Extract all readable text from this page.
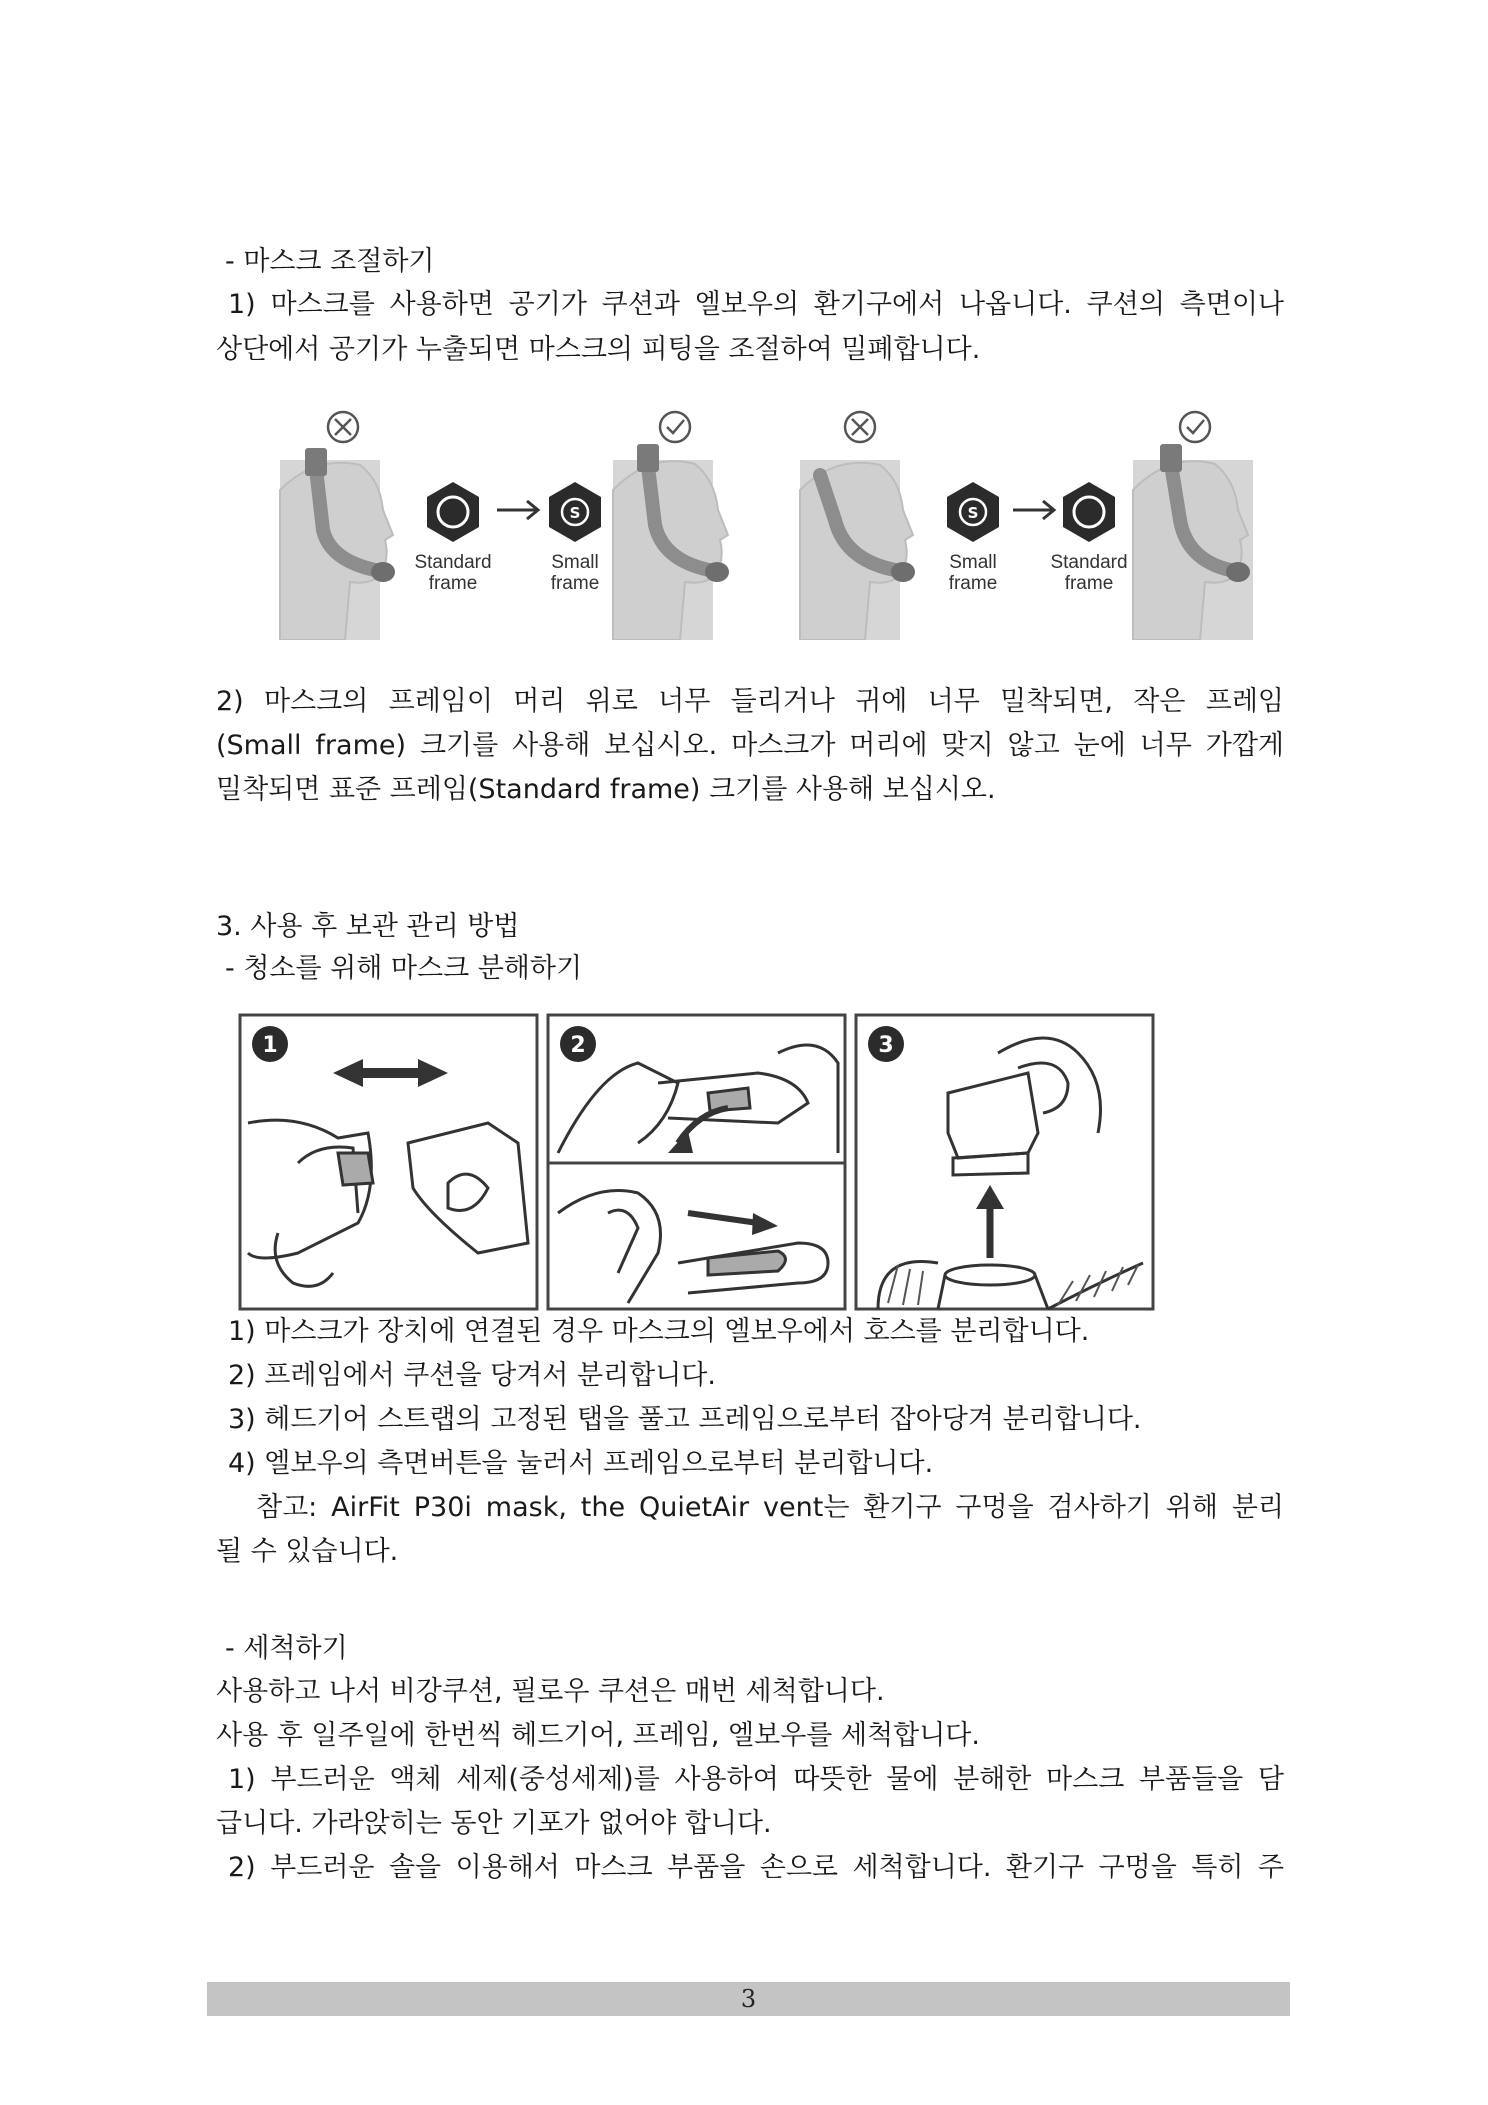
- 마스크 조절하기
1) 마스크를 사용하면 공기가 쿠션과 엘보우의 환기구에서 나옵니다. 쿠션의 측면이나
상단에서 공기가 누출되면 마스크의 피팅을 조절하여 밀폐합니다.
S
Standard
frame
Small
frame
S
Small
frame
Standard
frame
2) 마스크의 프레임이 머리 위로 너무 들리거나 귀에 너무 밀착되면, 작은 프레임
(Small frame) 크기를 사용해 보십시오. 마스크가 머리에 맞지 않고 눈에 너무 가깝게
밀착되면 표준 프레임(Standard frame) 크기를 사용해 보십시오.
3. 사용 후 보관 관리 방법
- 청소를 위해 마스크 분해하기
1	2	3
1) 마스크가 장치에 연결된 경우 마스크의 엘보우에서 호스를 분리합니다.
2) 프레임에서 쿠션을 당겨서 분리합니다.
3) 헤드기어 스트랩의 고정된 탭을 풀고 프레임으로부터 잡아당겨 분리합니다.
4) 엘보우의 측면버튼을 눌러서 프레임으로부터 분리합니다.
참고: AirFit P30i mask, the QuietAir vent는 환기구 구멍을 검사하기 위해 분리
될 수 있습니다.
- 세척하기
사용하고 나서 비강쿠션, 필로우 쿠션은 매번 세척합니다.
사용 후 일주일에 한번씩 헤드기어, 프레임, 엘보우를 세척합니다.
1) 부드러운 액체 세제(중성세제)를 사용하여 따뜻한 물에 분해한 마스크 부품들을 담
급니다. 가라앉히는 동안 기포가 없어야 합니다.
2) 부드러운 솔을 이용해서 마스크 부품을 손으로 세척합니다. 환기구 구멍을 특히 주
3
